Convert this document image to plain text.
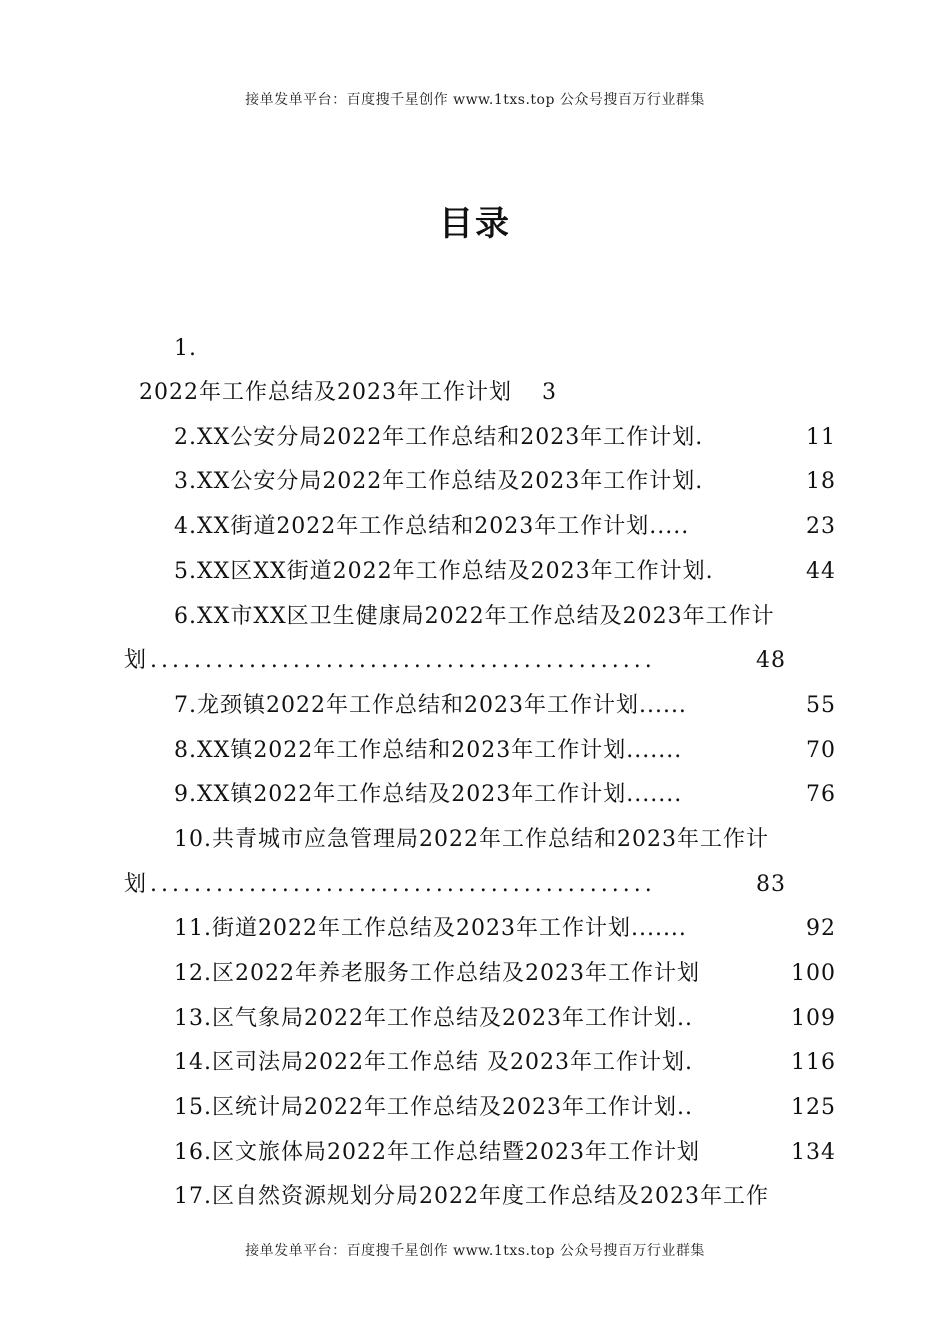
接单发单平台：百度搜千星创作 www.1txs.top 公众号搜百万行业群集
目录
1.
2022年工作总结及2023年工作计划 3
2.XX公安分局2022年工作总结和2023年工作计划.	11
3.XX公安分局2022年工作总结及2023年工作计划.	18
4.XX街道2022年工作总结和2023年工作计划.....	23
5.XX区XX街道2022年工作总结及2023年工作计划.	44
6.XX市XX区卫生健康局2022年工作总结及2023年工作计
划..............................................	48
7.龙颈镇2022年工作总结和2023年工作计划......	55
8.XX镇2022年工作总结和2023年工作计划.......	70
9.XX镇2022年工作总结及2023年工作计划.......	76
10.共青城市应急管理局2022年工作总结和2023年工作计
划..............................................	83
11.街道2022年工作总结及2023年工作计划.......	92
12.区2022年养老服务工作总结及2023年工作计划	100
13.区气象局2022年工作总结及2023年工作计划..	109
14.区司法局2022年工作总结 及2023年工作计划.	116
15.区统计局2022年工作总结及2023年工作计划..	125
16.区文旅体局2022年工作总结暨2023年工作计划	134
17.区自然资源规划分局2022年度工作总结及2023年工作
接单发单平台：百度搜千星创作 www.1txs.top 公众号搜百万行业群集
